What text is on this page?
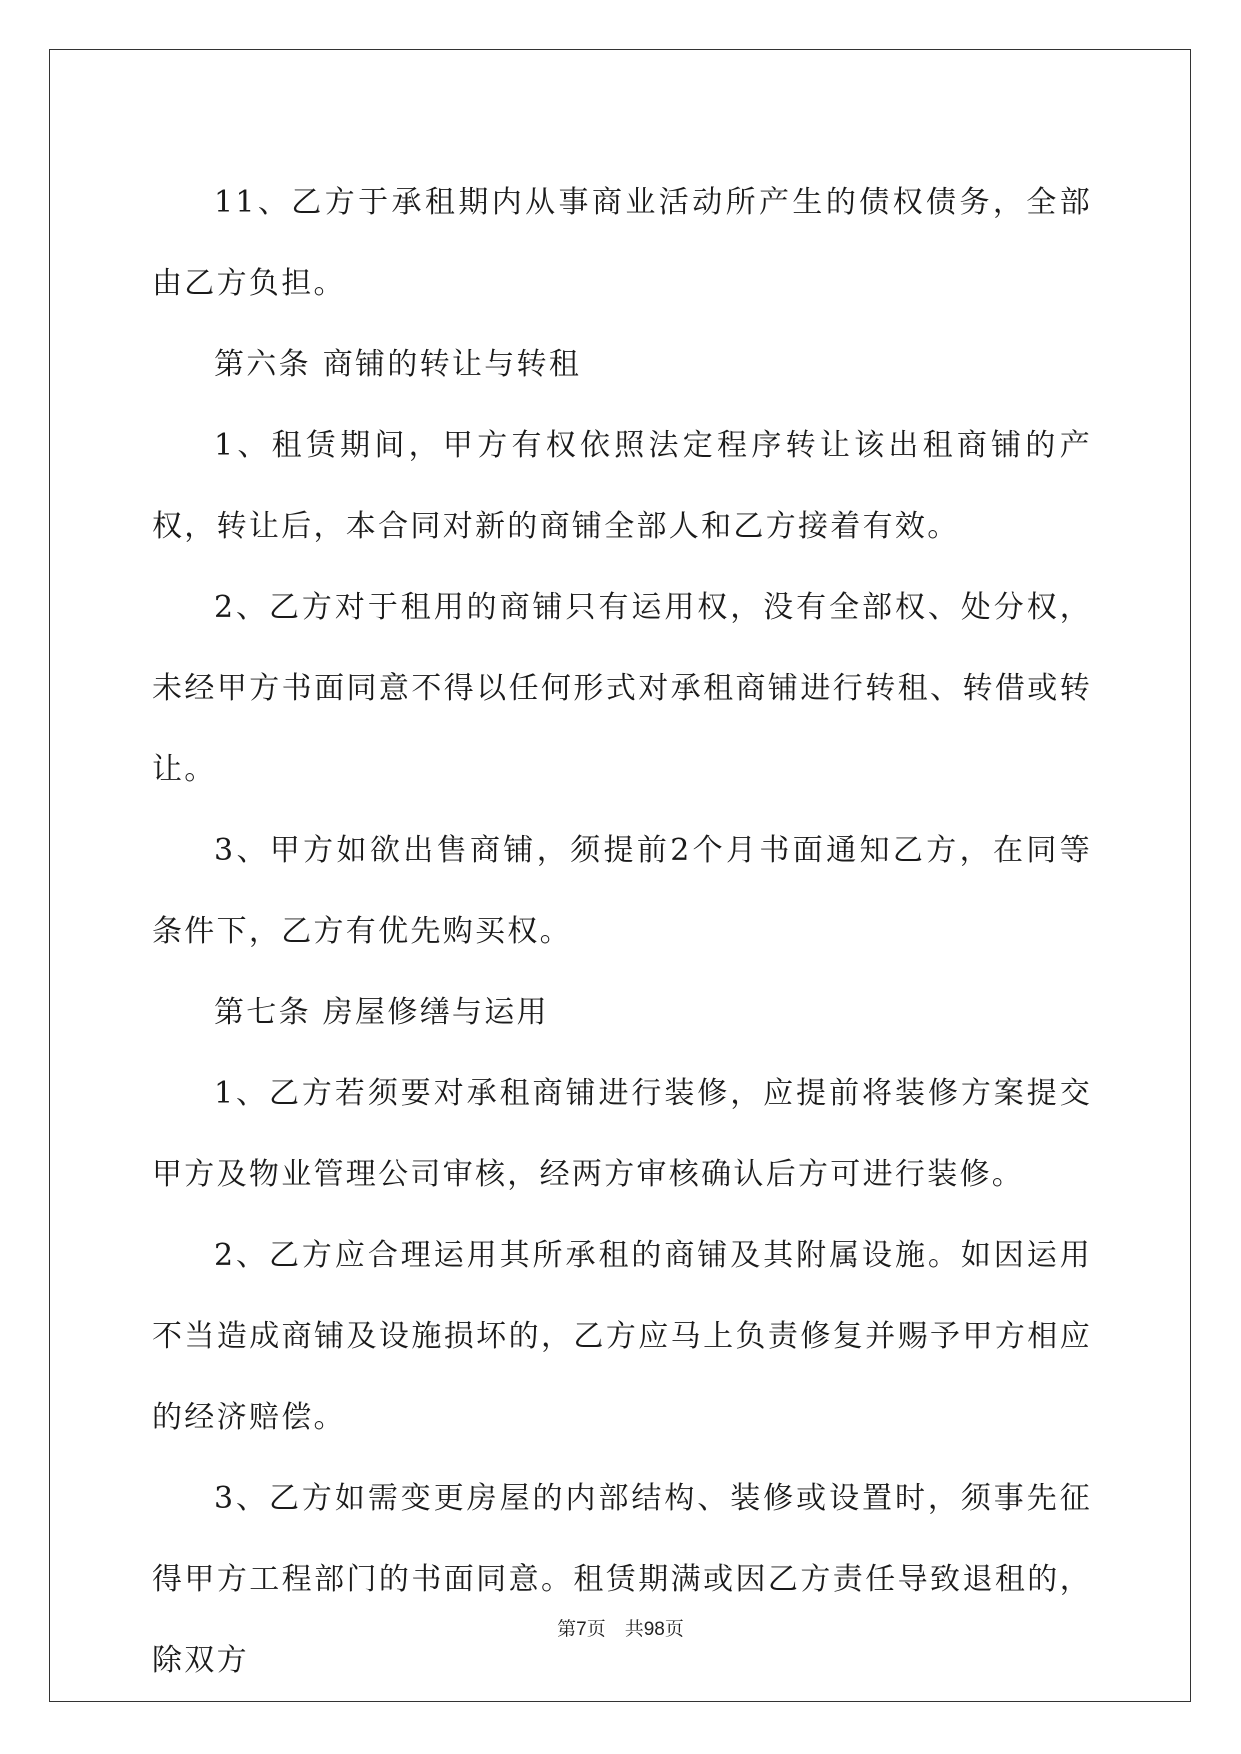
11、乙方于承租期内从事商业活动所产生的债权债务，全部由乙方负担。

第六条 商铺的转让与转租

1、租赁期间，甲方有权依照法定程序转让该出租商铺的产权，转让后，本合同对新的商铺全部人和乙方接着有效。

2、乙方对于租用的商铺只有运用权，没有全部权、处分权，未经甲方书面同意不得以任何形式对承租商铺进行转租、转借或转让。

3、甲方如欲出售商铺，须提前2个月书面通知乙方，在同等条件下，乙方有优先购买权。

第七条 房屋修缮与运用

1、乙方若须要对承租商铺进行装修，应提前将装修方案提交甲方及物业管理公司审核，经两方审核确认后方可进行装修。

2、乙方应合理运用其所承租的商铺及其附属设施。如因运用不当造成商铺及设施损坏的，乙方应马上负责修复并赐予甲方相应的经济赔偿。

3、乙方如需变更房屋的内部结构、装修或设置时，须事先征得甲方工程部门的书面同意。租赁期满或因乙方责任导致退租的，除双方

第7页　共98页
